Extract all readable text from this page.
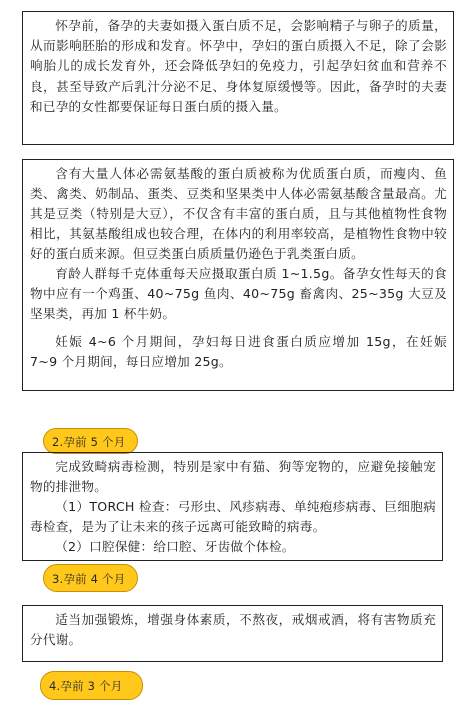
怀孕前，备孕的夫妻如摄入蛋白质不足，会影响精子与卵子的质量，从而影响胚胎的形成和发育。怀孕中，孕妇的蛋白质摄入不足，除了会影响胎儿的成长发育外，还会降低孕妇的免疫力，引起孕妇贫血和营养不良，甚至导致产后乳汁分泌不足、身体复原缓慢等。因此，备孕时的夫妻和已孕的女性都要保证每日蛋白质的摄入量。

含有大量人体必需氨基酸的蛋白质被称为优质蛋白质，而瘦肉、鱼类、禽类、奶制品、蛋类、豆类和坚果类中人体必需氨基酸含量最高。尤其是豆类（特别是大豆），不仅含有丰富的蛋白质，且与其他植物性食物相比，其氨基酸组成也较合理，在体内的利用率较高，是植物性食物中较好的蛋白质来源。但豆类蛋白质质量仍逊色于乳类蛋白质。

育龄人群每千克体重每天应摄取蛋白质 1~1.5g。备孕女性每天的食物中应有一个鸡蛋、40~75g 鱼肉、40~75g 畜禽肉、25~35g 大豆及坚果类，再加 1 杯牛奶。

妊娠 4~6 个月期间，孕妇每日进食蛋白质应增加 15g，在妊娠 7~9 个月期间，每日应增加 25g。

2.孕前 5 个月

完成致畸病毒检测，特别是家中有猫、狗等宠物的，应避免接触宠物的排泄物。

（1）TORCH 检查：弓形虫、风疹病毒、单纯疱疹病毒、巨细胞病毒检查，是为了让未来的孩子远离可能致畸的病毒。

（2）口腔保健：给口腔、牙齿做个体检。

3.孕前 4 个月

适当加强锻炼，增强身体素质，不熬夜，戒烟戒酒，将有害物质充分代谢。

4.孕前 3 个月
